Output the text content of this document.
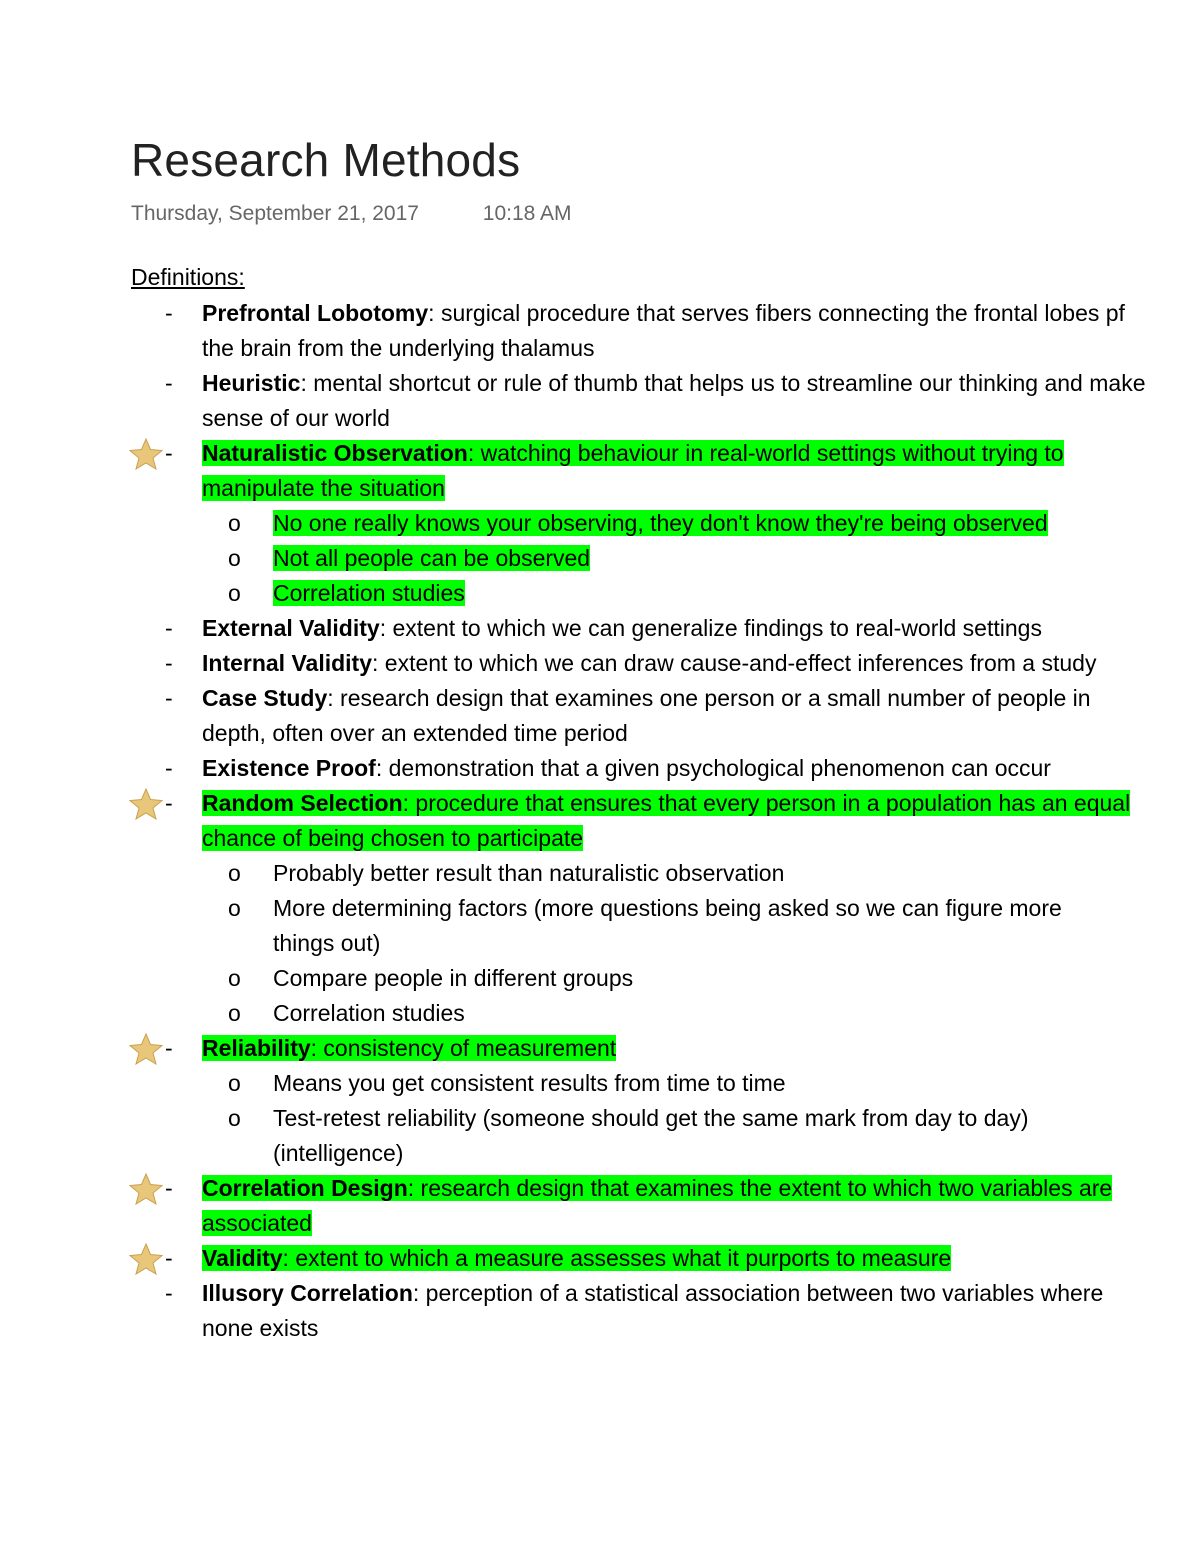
Research Methods
Thursday, September 21, 2017	10:18 AM
Definitions:
-	Prefrontal Lobotomy: surgical procedure that serves fibers connecting the frontal lobes pf the brain from the underlying thalamus
-	Heuristic: mental shortcut or rule of thumb that helps us to streamline our thinking and make sense of our world
-	Naturalistic Observation: watching behaviour in real-world settings without trying to manipulate the situation
o	No one really knows your observing, they don't know they're being observed
o	Not all people can be observed
o	Correlation studies
-	External Validity: extent to which we can generalize findings to real-world settings
-	Internal Validity: extent to which we can draw cause-and-effect inferences from a study
-	Case Study: research design that examines one person or a small number of people in depth, often over an extended time period
-	Existence Proof: demonstration that a given psychological phenomenon can occur
-	Random Selection: procedure that ensures that every person in a population has an equal chance of being chosen to participate
o	Probably better result than naturalistic observation
o	More determining factors (more questions being asked so we can figure more things out)
o	Compare people in different groups
o	Correlation studies
-	Reliability: consistency of measurement
o	Means you get consistent results from time to time
o	Test-retest reliability (someone should get the same mark from day to day)(intelligence)
-	Correlation Design: research design that examines the extent to which two variables are associated
-	Validity: extent to which a measure assesses what it purports to measure
-	Illusory Correlation: perception of a statistical association between two variables where none exists
